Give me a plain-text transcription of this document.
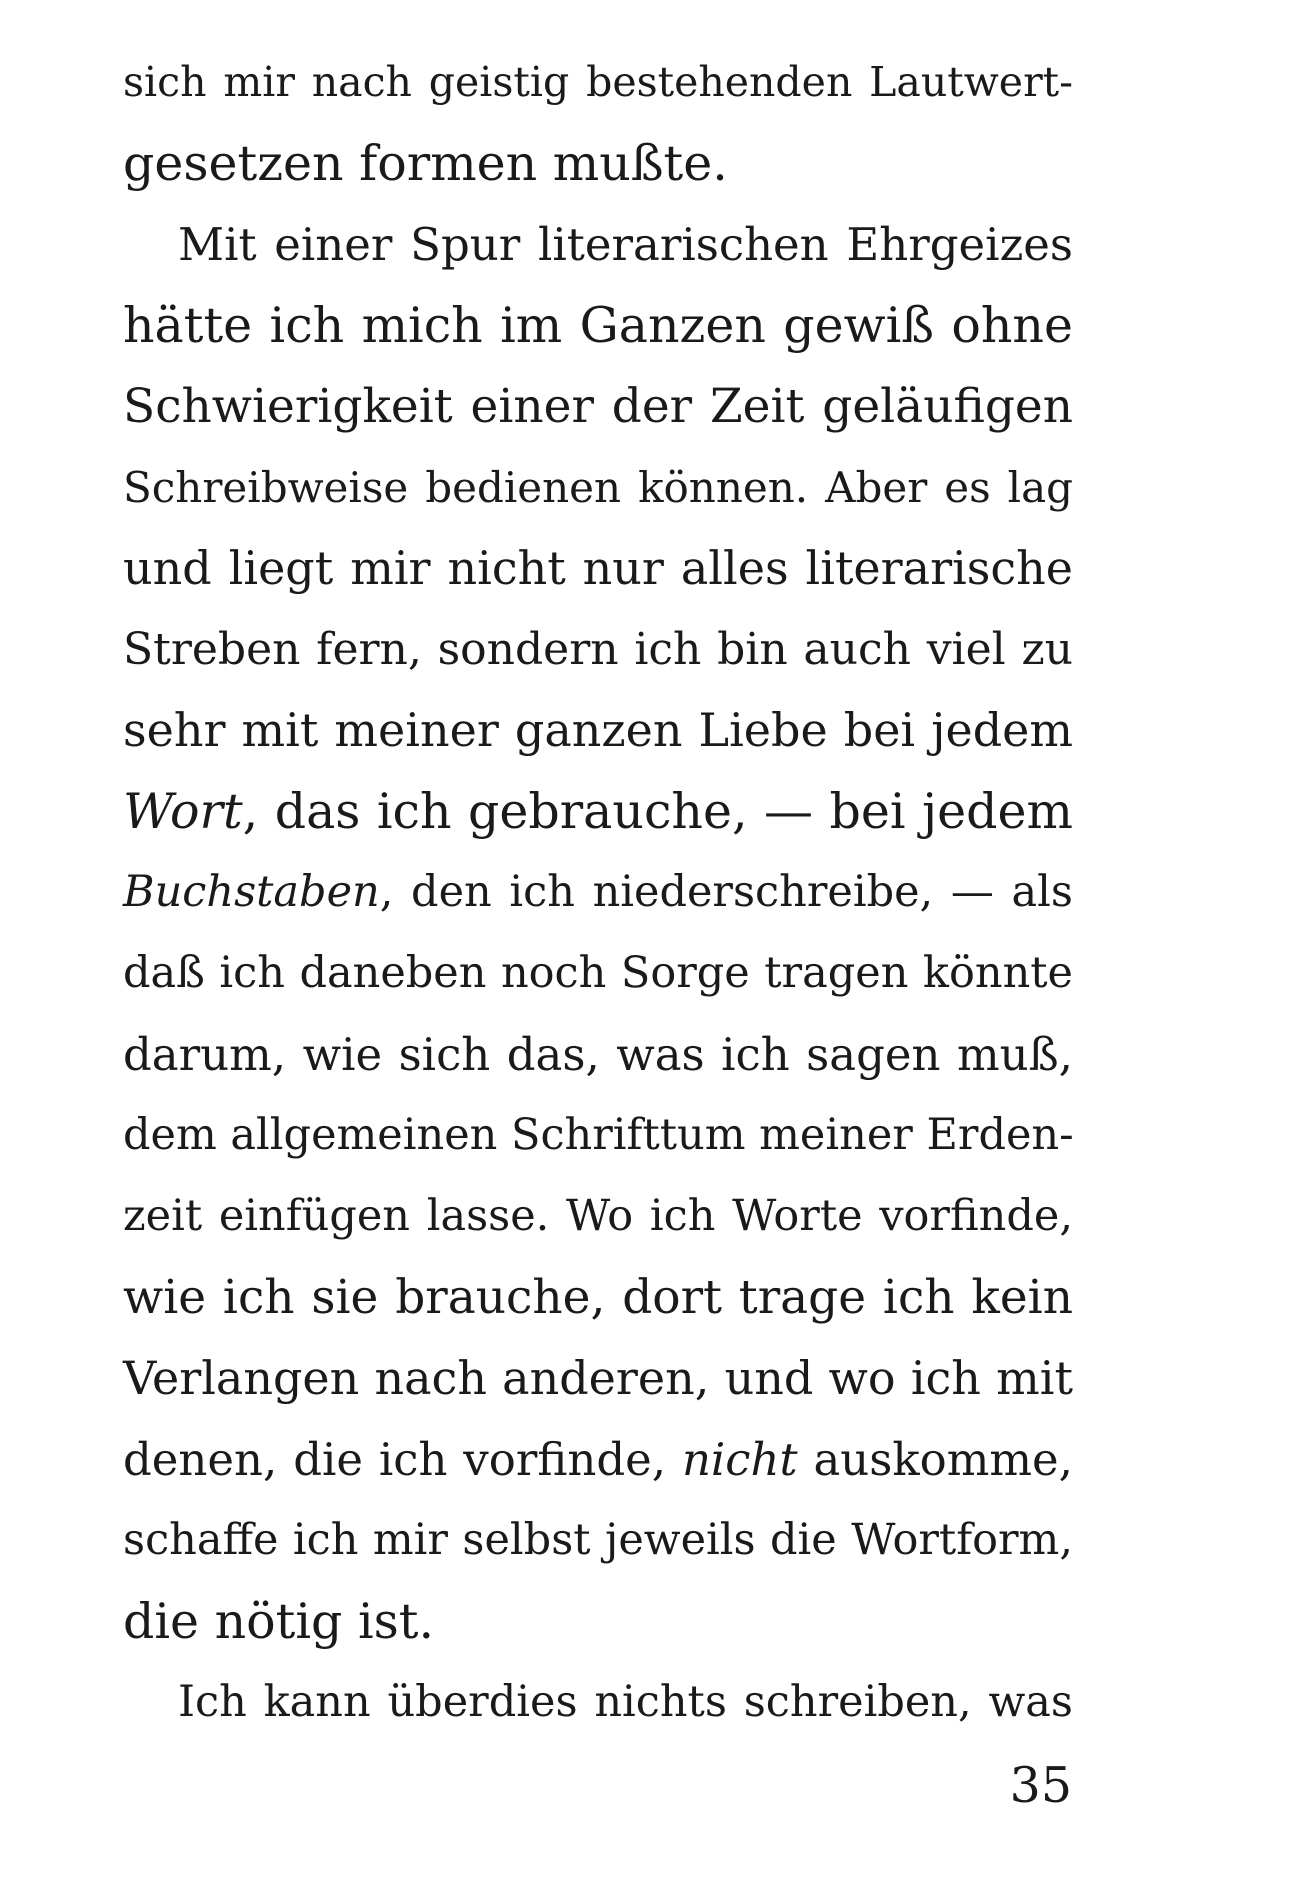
sich mir nach geistig bestehenden Lautwert-
gesetzen formen mußte.
Mit einer Spur literarischen Ehrgeizes
hätte ich mich im Ganzen gewiß ohne
Schwierigkeit einer der Zeit geläufigen
Schreibweise bedienen können. Aber es lag
und liegt mir nicht nur alles literarische
Streben fern, sondern ich bin auch viel zu
sehr mit meiner ganzen Liebe bei jedem
Wort, das ich gebrauche, — bei jedem
Buchstaben, den ich niederschreibe, — als
daß ich daneben noch Sorge tragen könnte
darum, wie sich das, was ich sagen muß,
dem allgemeinen Schrifttum meiner Erden-
zeit einfügen lasse. Wo ich Worte vorfinde,
wie ich sie brauche, dort trage ich kein
Verlangen nach anderen, und wo ich mit
denen, die ich vorfinde, nicht auskomme,
schaffe ich mir selbst jeweils die Wortform,
die nötig ist.
Ich kann überdies nichts schreiben, was
35
